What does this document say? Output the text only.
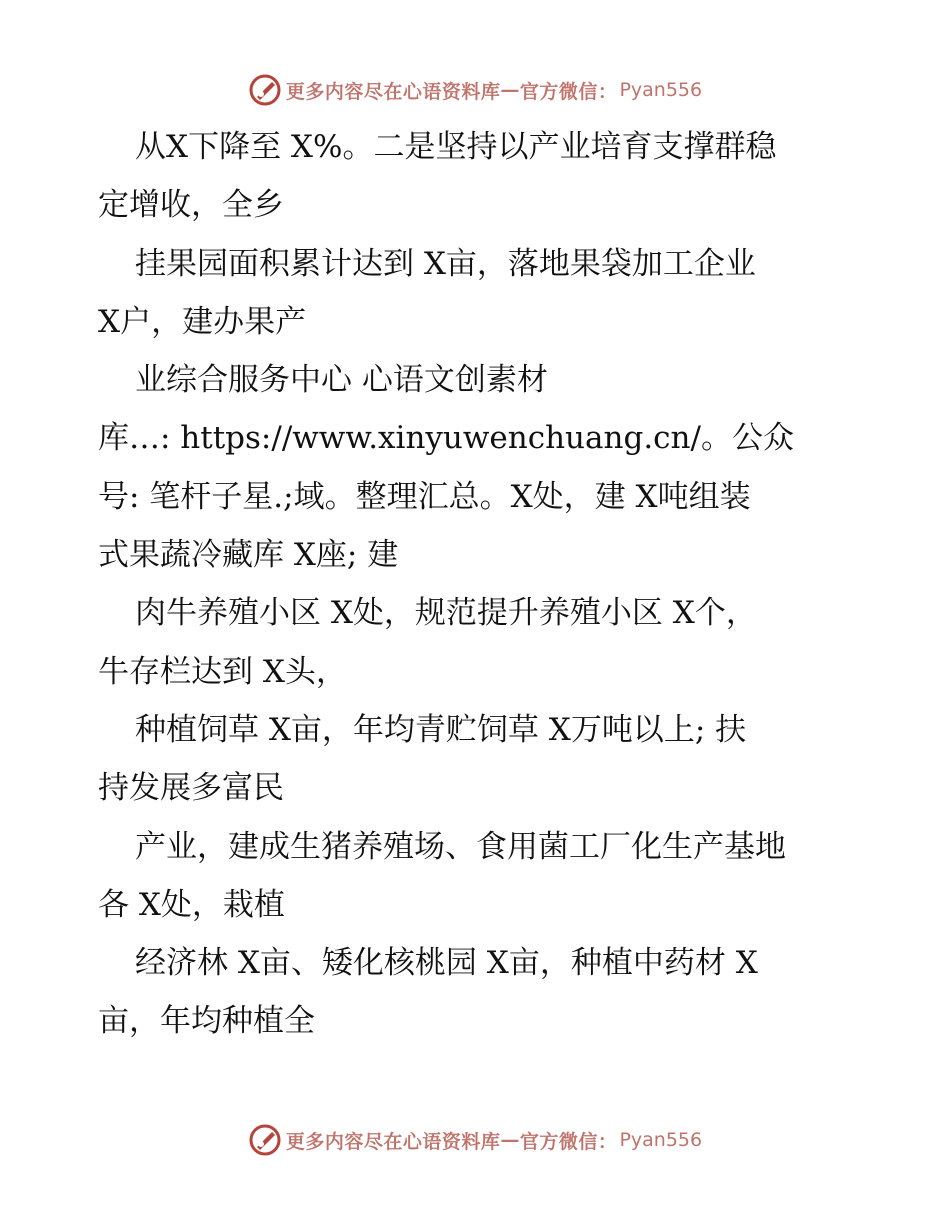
更多内容尽在心语资料库 — 官方微信： Pyan556
从X下降至 X%。二是坚持以产业培育支撑群稳
定增收，全乡
挂果园面积累计达到 X亩，落地果袋加工企业
X户，建办果产
业综合服务中心 心语文创素材
库…: https://www.xinyuwenchuang.cn/。公众
号: 笔杆子星.;域。整理汇总。X处，建 X吨组装
式果蔬冷藏库 X座; 建
肉牛养殖小区 X处，规范提升养殖小区 X个，
牛存栏达到 X头，
种植饲草 X亩，年均青贮饲草 X万吨以上; 扶
持发展多富民
产业，建成生猪养殖场、食用菌工厂化生产基地
各 X处，栽植
经济林 X亩、矮化核桃园 X亩，种植中药材 X
亩，年均种植全
更多内容尽在心语资料库 — 官方微信： Pyan556
